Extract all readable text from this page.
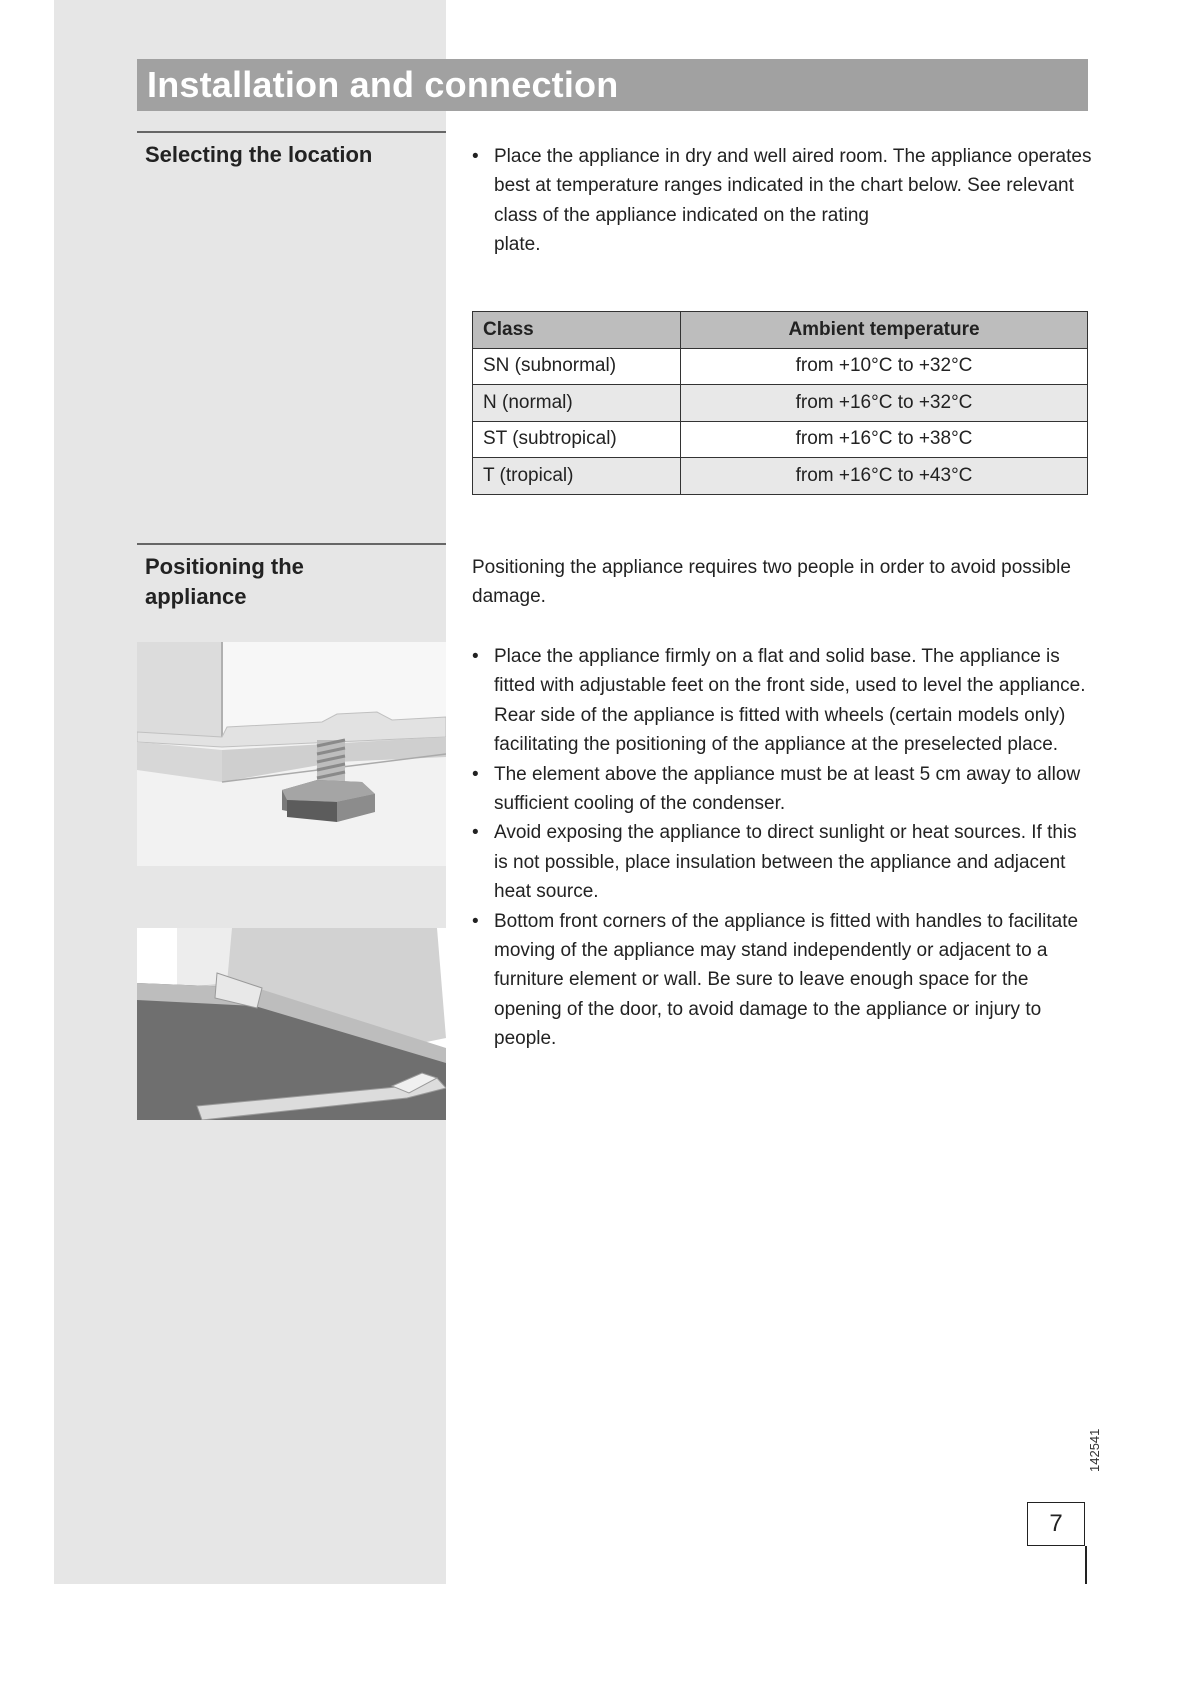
Installation and connection
Selecting the location	• Place the appliance in dry and well aired room. The appliance operates best at temperature ranges indicated in the chart below. See relevant
class of the appliance indicated on the rating
plate.
Class	Ambient temperature
SN (subnormal)	from +10°C to +32°C
N (normal)	from +16°C to +32°C
ST (subtropical)	from +16°C to +38°C
T (tropical)	from +16°C to +43°C
Positioning the appliance

Positioning the appliance requires two people in order to avoid possible damage.

• Place the appliance firmly on a flat and solid base. The appliance is fitted with adjustable feet on the front side, used to level the appliance. Rear side of the appliance is fitted with wheels (certain models only) facilitating the positioning of the appliance at the preselected place.
• The element above the appliance must be at least 5 cm away to allow sufficient cooling of the condenser.
• Avoid exposing the appliance to direct sunlight or heat sources. If this is not possible, place insulation between the appliance and adjacent heat source.
• Bottom front corners of the appliance is fitted with handles to facilitate moving of the appliance may stand independently or adjacent to a furniture element or wall. Be sure to leave enough space for the opening of the door, to avoid damage to the appliance or injury to people.
142541
7
